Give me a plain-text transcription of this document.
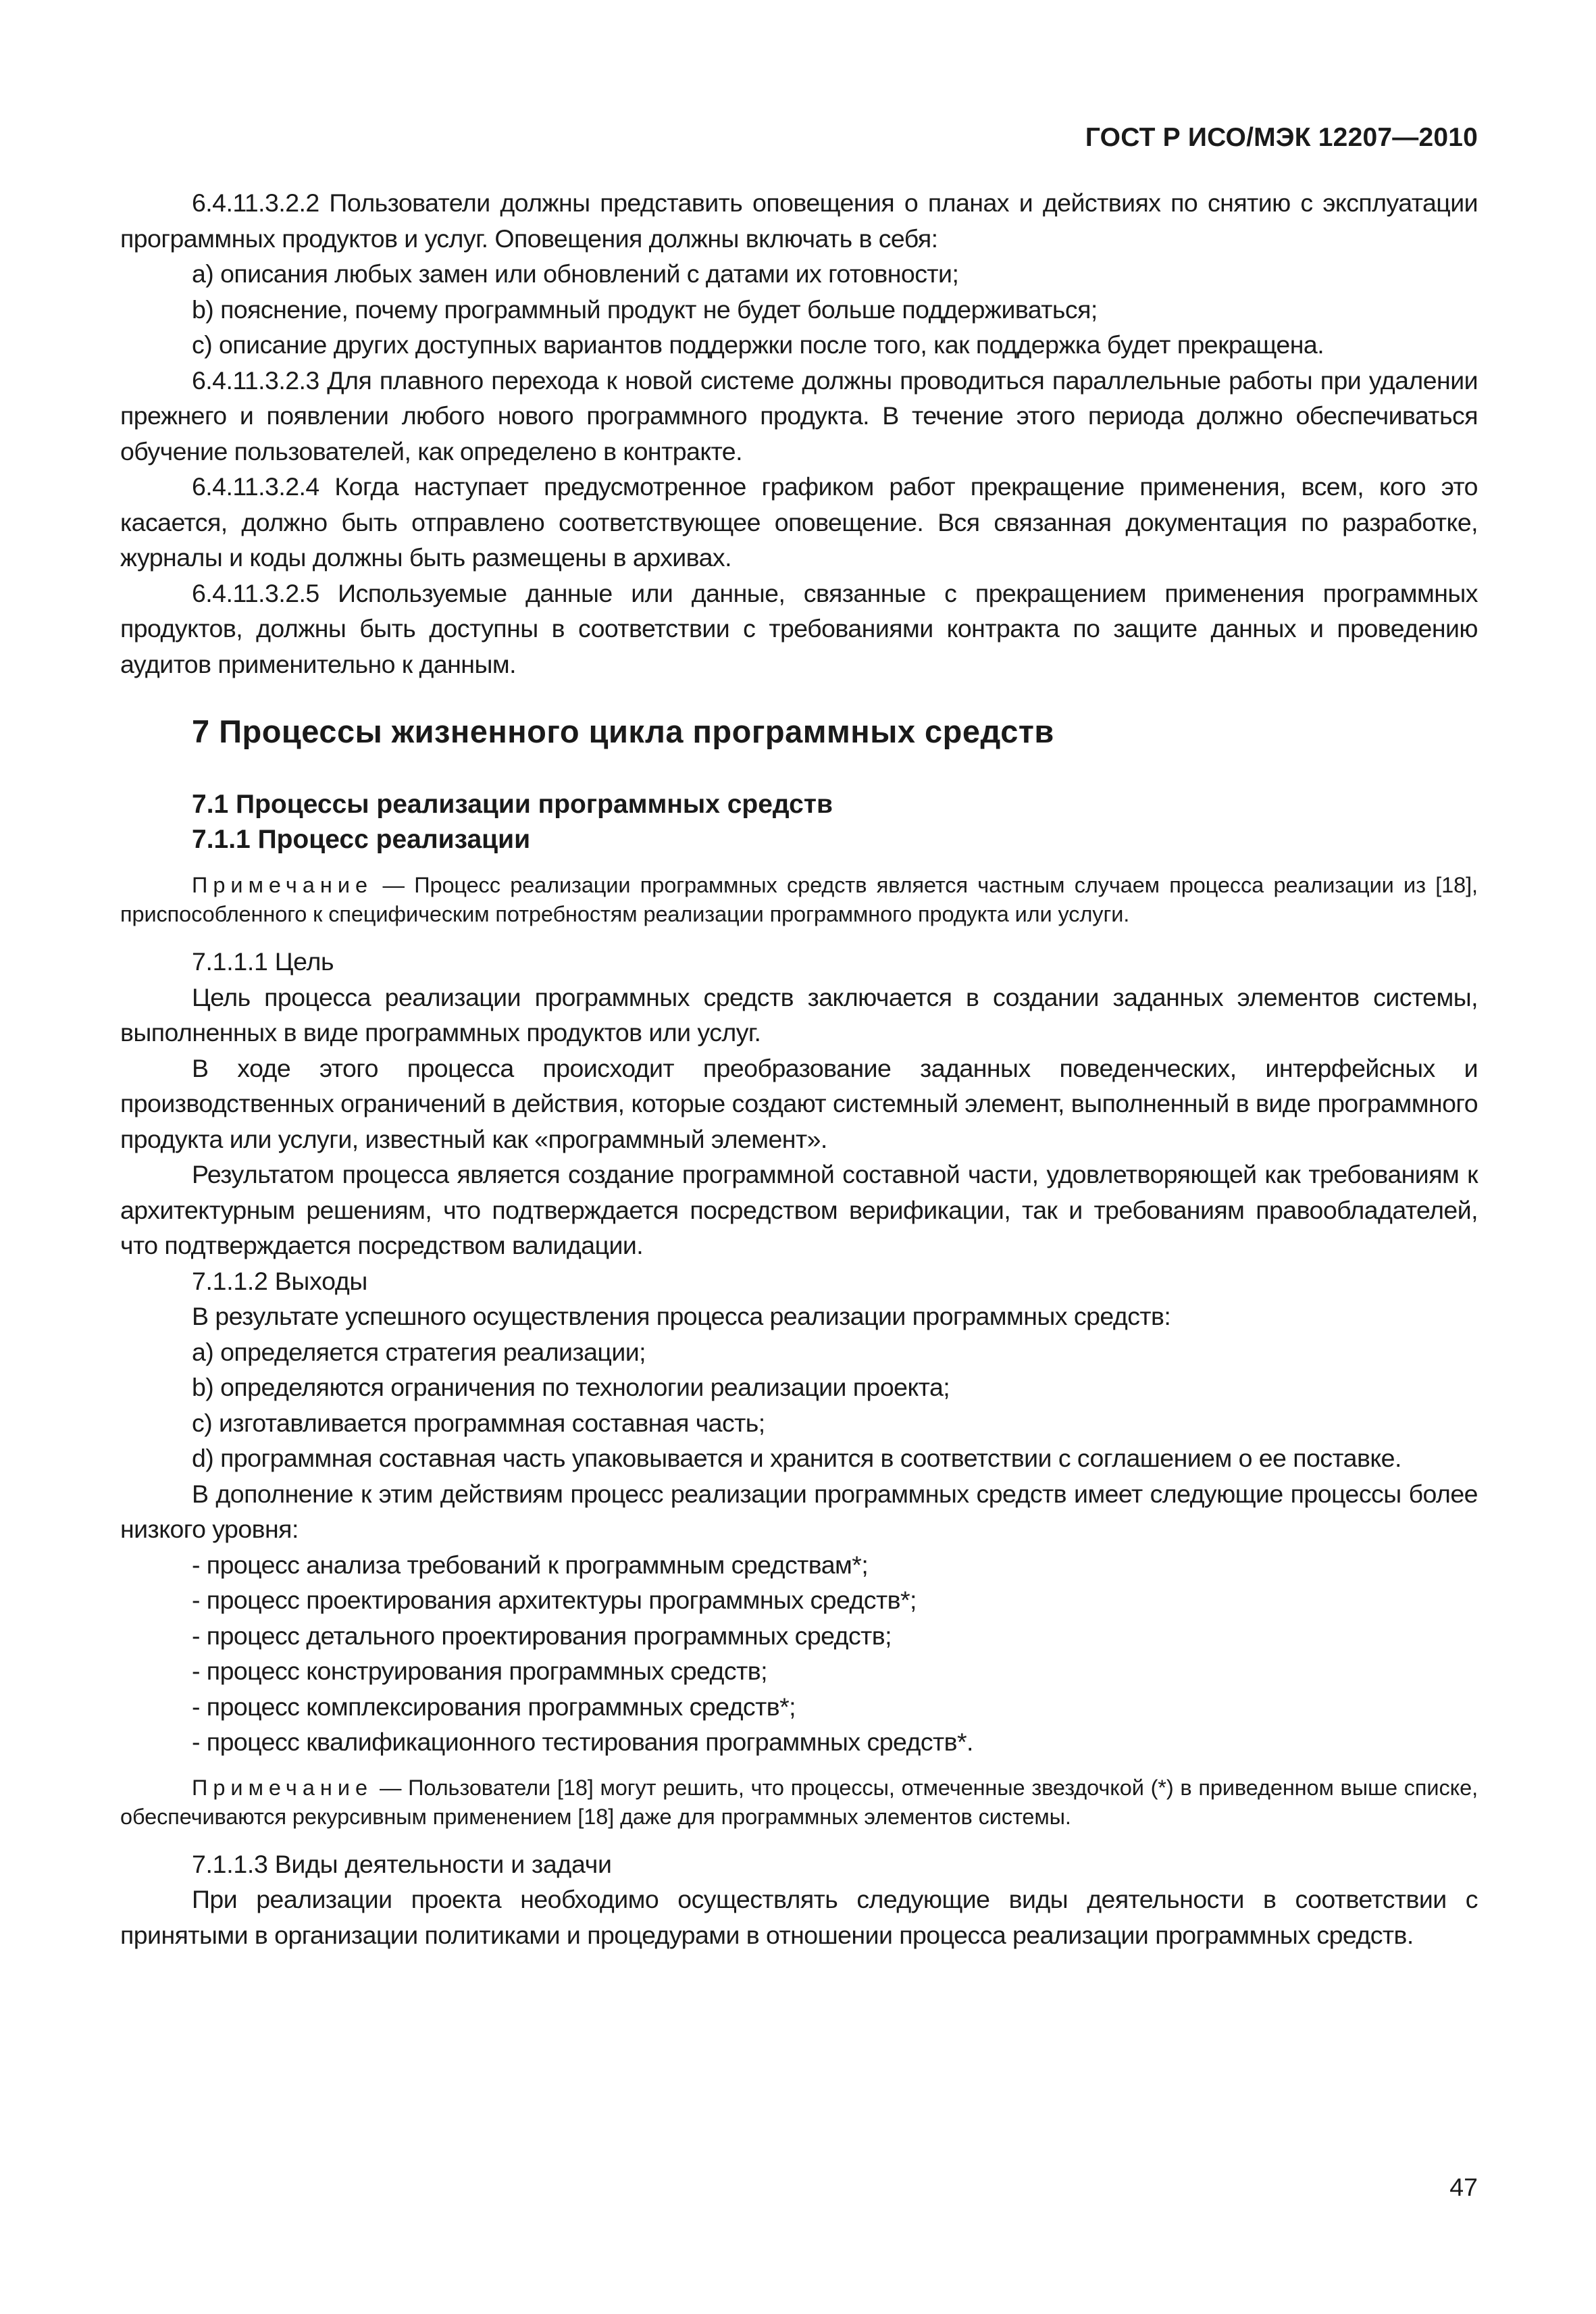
ГОСТ Р ИСО/МЭК 12207—2010

6.4.11.3.2.2 Пользователи должны представить оповещения о планах и действиях по снятию с эксплуатации программных продуктов и услуг. Оповещения должны включать в себя:

a) описания любых замен или обновлений с датами их готовности;

b) пояснение, почему программный продукт не будет больше поддерживаться;

c) описание других доступных вариантов поддержки после того, как поддержка будет прекращена.

6.4.11.3.2.3 Для плавного перехода к новой системе должны проводиться параллельные работы при удалении прежнего и появлении любого нового программного продукта. В течение этого периода должно обеспечиваться обучение пользователей, как определено в контракте.

6.4.11.3.2.4 Когда наступает предусмотренное графиком работ прекращение применения, всем, кого это касается, должно быть отправлено соответствующее оповещение. Вся связанная документация по разработке, журналы и коды должны быть размещены в архивах.

6.4.11.3.2.5 Используемые данные или данные, связанные с прекращением применения программных продуктов, должны быть доступны в соответствии с требованиями контракта по защите данных и проведению аудитов применительно к данным.

7 Процессы жизненного цикла программных средств
7.1 Процессы реализации программных средств
7.1.1 Процесс реализации

Примечание — Процесс реализации программных средств является частным случаем процесса реализации из [18], приспособленного к специфическим потребностям реализации программного продукта или услуги.

7.1.1.1 Цель

Цель процесса реализации программных средств заключается в создании заданных элементов системы, выполненных в виде программных продуктов или услуг.

В ходе этого процесса происходит преобразование заданных поведенческих, интерфейсных и производственных ограничений в действия, которые создают системный элемент, выполненный в виде программного продукта или услуги, известный как «программный элемент».

Результатом процесса является создание программной составной части, удовлетворяющей как требованиям к архитектурным решениям, что подтверждается посредством верификации, так и требованиям правообладателей, что подтверждается посредством валидации.

7.1.1.2 Выходы

В результате успешного осуществления процесса реализации программных средств:

a) определяется стратегия реализации;

b) определяются ограничения по технологии реализации проекта;

c) изготавливается программная составная часть;

d) программная составная часть упаковывается и хранится в соответствии с соглашением о ее поставке.

В дополнение к этим действиям процесс реализации программных средств имеет следующие процессы более низкого уровня:

- процесс анализа требований к программным средствам*;

- процесс проектирования архитектуры программных средств*;

- процесс детального проектирования программных средств;

- процесс конструирования программных средств;

- процесс комплексирования программных средств*;

- процесс квалификационного тестирования программных средств*.

Примечание — Пользователи [18] могут решить, что процессы, отмеченные звездочкой (*) в приведенном выше списке, обеспечиваются рекурсивным применением [18] даже для программных элементов системы.

7.1.1.3 Виды деятельности и задачи

При реализации проекта необходимо осуществлять следующие виды деятельности в соответствии с принятыми в организации политиками и процедурами в отношении процесса реализации программных средств.

47
